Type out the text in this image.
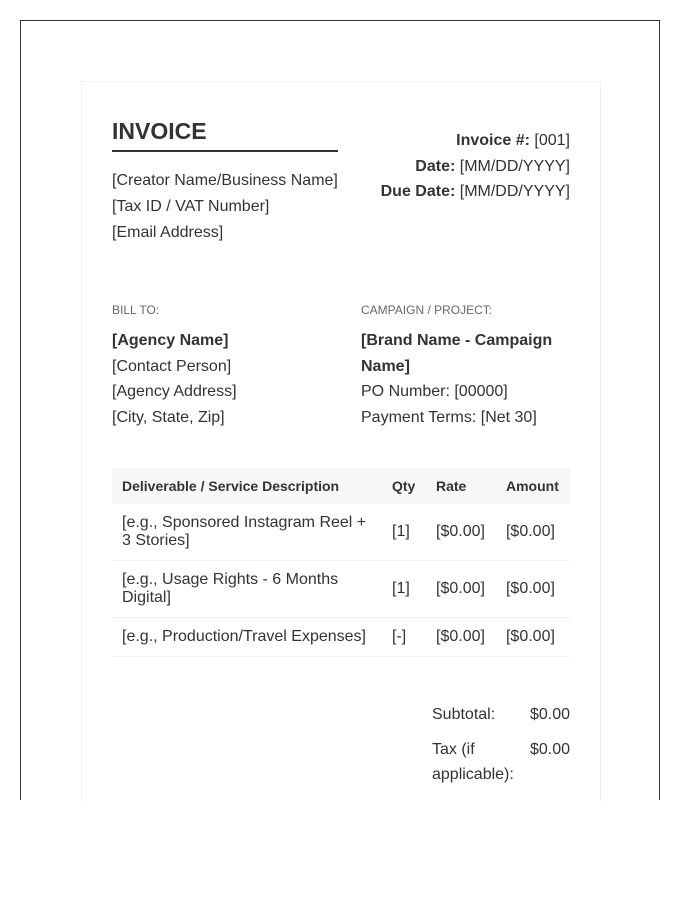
INVOICE
[Creator Name/Business Name]
[Tax ID / VAT Number]
[Email Address]
Invoice #: [001]
Date: [MM/DD/YYYY]
Due Date: [MM/DD/YYYY]
BILL TO:
[Agency Name]
[Contact Person]
[Agency Address]
[City, State, Zip]
CAMPAIGN / PROJECT:
[Brand Name - Campaign Name]
PO Number: [00000]
Payment Terms: [Net 30]
Deliverable / Service Description	Qty	Rate	Amount
[e.g., Sponsored Instagram Reel + 3 Stories]	[1]	[$0.00]	[$0.00]
[e.g., Usage Rights - 6 Months Digital]	[1]	[$0.00]	[$0.00]
[e.g., Production/Travel Expenses]	[-]	[$0.00]	[$0.00]
Subtotal:	$0.00
Tax (if applicable):
$0.00
